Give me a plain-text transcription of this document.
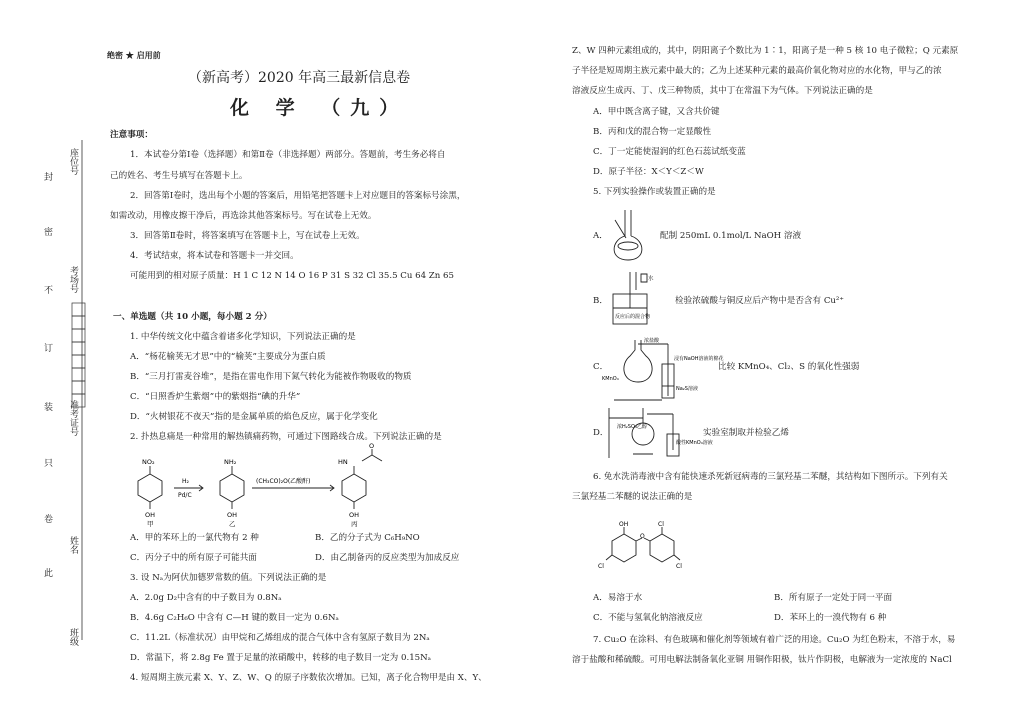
封
密
不
订
装
只
卷
此
座位号
考场号
准考证号
姓名
班级
绝密 ★ 启用前
（新高考）2020 年高三最新信息卷
化 学 （九）
注意事项：
1．本试卷分第Ⅰ卷（选择题）和第Ⅱ卷（非选择题）两部分。答题前，考生务必将自
己的姓名、考生号填写在答题卡上。
2．回答第Ⅰ卷时，选出每个小题的答案后，用铅笔把答题卡上对应题目的答案标号涂黑，
如需改动，用橡皮擦干净后，再选涂其他答案标号。写在试卷上无效。
3．回答第Ⅱ卷时，将答案填写在答题卡上，写在试卷上无效。
4．考试结束，将本试卷和答题卡一并交回。
可能用到的相对原子质量：H 1 C 12 N 14 O 16 P 31 S 32 Cl 35.5 Cu 64 Zn 65
一、单选题（共 10 小题，每小题 2 分）
1. 中华传统文化中蕴含着诸多化学知识，下列说法正确的是
A．“杨花榆荚无才思”中的“榆荚”主要成分为蛋白质
B．“三月打雷麦谷堆”，是指在雷电作用下氮气转化为能被作物吸收的物质
C．“日照香炉生紫烟”中的紫烟指“碘的升华”
D．“火树银花不夜天”指的是金属单质的焰色反应，属于化学变化
2. 扑热息痛是一种常用的解热镇痛药物，可通过下图路线合成。下列说法正确的是
NO₂
OH
甲
H₂
Pd/C
NH₂
OH
乙
(CH₃CO)₂O(乙酸酐)
HN
O
OH
丙
A．甲的苯环上的一氯代物有 2 种	B．乙的分子式为 C₆H₉NO
C．丙分子中的所有原子可能共面	D．由乙制备丙的反应类型为加成反应
3. 设 Nₐ为阿伏加德罗常数的值。下列说法正确的是
A．2.0g D₂中含有的中子数目为 0.8Nₐ
B．4.6g C₂H₆O 中含有 C—H 键的数目一定为 0.6Nₐ
C．11.2L（标准状况）由甲烷和乙烯组成的混合气体中含有氢原子数目为 2Nₐ
D．常温下，将 2.8g Fe 置于足量的浓硝酸中，转移的电子数目一定为 0.15Nₐ
4. 短周期主族元素 X、Y、Z、W、Q 的原子序数依次增加。已知，离子化合物甲是由 X、Y、
Z、W 四种元素组成的，其中，阴阳离子个数比为 1∶1，阳离子是一种 5 核 10 电子微粒；Q 元素原
子半径是短周期主族元素中最大的；乙为上述某种元素的最高价氧化物对应的水化物，甲与乙的浓
溶液反应生成丙、丁、戊三种物质，其中丁在常温下为气体。下列说法正确的是
A．甲中既含离子键，又含共价键
B．丙和戊的混合物一定显酸性
C．丁一定能使湿润的红色石蕊试纸变蓝
D．原子半径：X＜Y＜Z＜W
5. 下列实验操作或装置正确的是
A．	配制 250mL 0.1mol/L NaOH 溶液
B．
水
反应后的混合物
检验浓硫酸与铜反应后产物中是否含有 Cu²⁺
C．
浓盐酸
浸有NaOH溶液的棉花
KMnO₄
Na₂S溶液
比较 KMnO₄、Cl₂、S 的氧化性强弱
D．
浓H₂SO₄乙醇
酸性KMnO₄溶液
实验室制取并检验乙烯
6. 免水洗消毒液中含有能快速杀死新冠病毒的三氯羟基二苯醚，其结构如下图所示。下列有关
三氯羟基二苯醚的说法正确的是
OH	Cl
O
Cl	Cl
A．易溶于水	B．所有原子一定处于同一平面
C．不能与氢氧化钠溶液反应	D．苯环上的一溴代物有 6 种
7. Cu₂O 在涂料、有色玻璃和催化剂等领域有着广泛的用途。Cu₂O 为红色粉末，不溶于水，易
溶于盐酸和稀硫酸。可用电解法制备氧化亚铜 用铜作阳极，钛片作阴极，电解液为一定浓度的 NaCl
